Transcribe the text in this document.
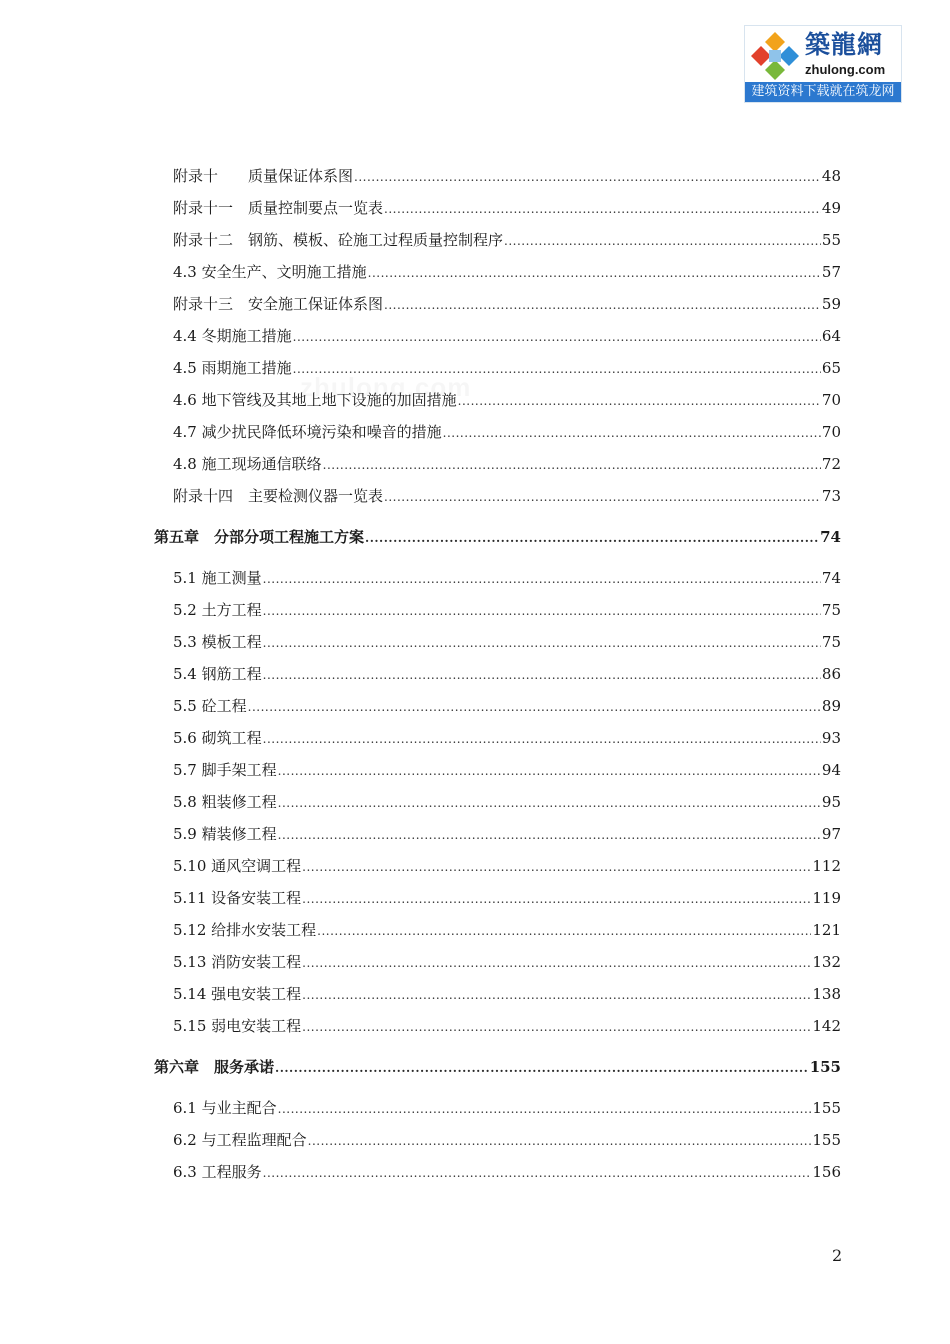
築龍網
zhulong.com
建筑资料下载就在筑龙网
附录十　　质量保证体系图 .....	48
附录十一　质量控制要点一览表 .....	49
附录十二　钢筋、模板、砼施工过程质量控制程序 .....	55
4.3 安全生产、文明施工措施 .....	57
附录十三　安全施工保证体系图 .....	59
4.4 冬期施工措施 .....	64
4.5 雨期施工措施 .....	65
4.6 地下管线及其地上地下设施的加固措施 .....	70
4.7 减少扰民降低环境污染和噪音的措施 .....	70
4.8 施工现场通信联络 .....	72
附录十四　主要检测仪器一览表 .....	73
第五章　分部分项工程施工方案 .....	74
5.1 施工测量 .....	74
5.2 土方工程 .....	75
5.3 模板工程 .....	75
5.4 钢筋工程 .....	86
5.5 砼工程 .....	89
5.6 砌筑工程 .....	93
5.7 脚手架工程 .....	94
5.8 粗装修工程 .....	95
5.9 精装修工程 .....	97
5.10 通风空调工程 .....	112
5.11 设备安装工程 .....	119
5.12 给排水安装工程 .....	121
5.13 消防安装工程 .....	132
5.14 强电安装工程 .....	138
5.15 弱电安装工程 .....	142
第六章　服务承诺 .....	155
6.1 与业主配合 .....	155
6.2 与工程监理配合 .....	155
6.3 工程服务 .....	156
2
